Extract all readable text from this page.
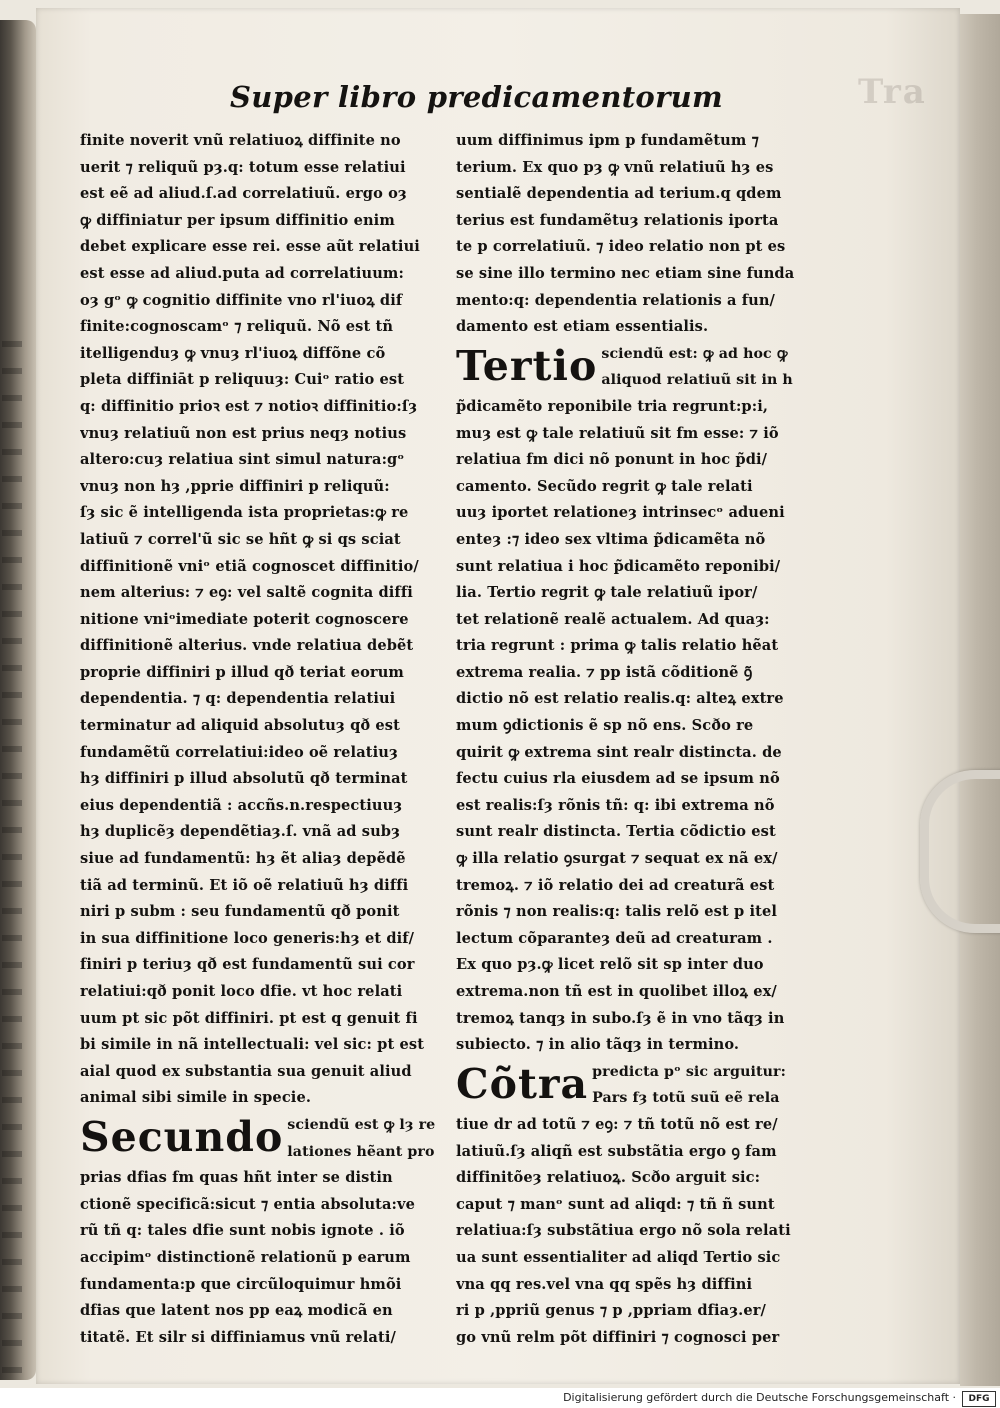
Tra
Super libro predicamentorum
finite noverit vnũ relatiuoꝝ diffinite no
uerit ⁊ reliquũ pȝ.q: totum esse relatiui
est eẽ ad aliud.ſ.ad correlatiuũ. ergo oȝ
ꝙ diffiniatur per ipsum diffinitio enim
debet explicare esse rei. esse aũt relatiui
est esse ad aliud.puta ad correlatiuum:
oȝ gᵒ ꝙ cognitio diffinite vno rl'iuoꝝ dif
finite:cognoscamᵒ ⁊ reliquũ. Nõ est tñ
itelligenduȝ ꝙ vnuȝ rl'iuoꝝ diffõne cõ
pleta diffiniāt p reliquuȝ: Cuiᵒ ratio est
q: diffinitio prioꝛ est ⁊ notioꝛ diffinitio:ſȝ
vnuȝ relatiuũ non est prius neqȝ notius
altero:cuȝ relatiua sint simul natura:gᵒ
vnuȝ non hȝ ,pprie diffiniri p reliquũ:
ſȝ sic ẽ intelligenda ista proprietas:ꝙ re
latiuũ ⁊ correl'ũ sic se hñt ꝙ si qs sciat
diffinitionẽ vniᵒ etiã cognoscet diffinitio/
nem alterius: ⁊ eꝯ: vel saltẽ cognita diffi
nitione vniᵒimediate poterit cognoscere
diffinitionẽ alterius. vnde relatiua debẽt
proprie diffiniri p illud qð teriat eorum
dependentia. ⁊ q: dependentia relatiui
terminatur ad aliquid absolutuȝ qð est
fundamẽtũ correlatiui:ideo oẽ relatiuȝ
hȝ diffiniri p illud absolutũ qð terminat
eius dependentiã : accñs.n.respectiuuȝ
hȝ duplicẽȝ dependẽtiaȝ.ſ. vnã ad subȝ
siue ad fundamentũ: hȝ ẽt aliaȝ depẽdẽ
tiã ad terminũ. Et iõ oẽ relatiuũ hȝ diffi
niri p subm : seu fundamentũ qð ponit
in sua diffinitione loco generis:hȝ et dif/
finiri p teriuȝ qð est fundamentũ sui cor
relatiui:qð ponit loco dfie. vt hoc relati
uum pt sic põt diffiniri. pt est q genuit fi
bi simile in nã intellectuali: vel sic: pt est
aial quod ex substantia sua genuit aliud
animal sibi simile in specie.
Secundo sciendũ est ꝙ lȝ re
lationes hẽant pro
prias dfias fm quas hñt inter se distin
ctionẽ specificã:sicut ⁊ entia absoluta:ve
rũ tñ q: tales dfie sunt nobis ignote . iõ
accipimᵒ distinctionẽ relationũ p earum
fundamenta:p que circũloquimur hmõi
dfias que latent nos pp eaꝝ modicã en
titatẽ. Et silr si diffiniamus vnũ relati/
uum diffinimus ipm p fundamẽtum ⁊
terium. Ex quo pȝ ꝙ vnũ relatiuũ hȝ es
sentialẽ dependentia ad terium.q qdem
terius est fundamẽtuȝ relationis iporta
te p correlatiuũ. ⁊ ideo relatio non pt es
se sine illo termino nec etiam sine funda
mento:q: dependentia relationis a fun/
damento est etiam essentialis.
Tertio sciendũ est: ꝙ ad hoc ꝙ
aliquod relatiuũ sit in h
p̃dicamẽto reponibile tria regrunt:p:i,
muȝ est ꝙ tale relatiuũ sit fm esse: ⁊ iõ
relatiua fm dici nõ ponunt in hoc p̃di/
camento. Secũdo regrit ꝙ tale relati
uuȝ iportet relationeȝ intrinsecᵒ adueni
enteȝ :⁊ ideo sex vltima p̃dicamẽta nõ
sunt relatiua i hoc p̃dicamẽto reponibi/
lia. Tertio regrit ꝙ tale relatiuũ ipor/
tet relationẽ realẽ actualem. Ad quaȝ:
tria regrunt : prima ꝙ talis relatio hẽat
extrema realia. ⁊ pp istã cõditionẽ ꝯ̃
dictio nõ est relatio realis.q: alteꝝ extre
mum ꝯdictionis ẽ sp nõ ens. Scðo re
quirit ꝙ extrema sint realr distincta. de
fectu cuius rla eiusdem ad se ipsum nõ
est realis:ſȝ rõnis tñ: q: ibi extrema nõ
sunt realr distincta. Tertia cõdictio est
ꝙ illa relatio ꝯsurgat ⁊ sequat ex nã ex/
tremoꝝ. ⁊ iõ relatio dei ad creaturã est
rõnis ⁊ non realis:q: talis relõ est p itel
lectum cõparanteȝ deũ ad creaturam .
Ex quo pȝ.ꝙ licet relõ sit sp inter duo
extrema.non tñ est in quolibet illoꝝ ex/
tremoꝝ tanqȝ in subo.ſȝ ẽ in vno tãqȝ in
subiecto. ⁊ in alio tãqȝ in termino.
Cõtra predicta pᵒ sic arguitur:
Pars fȝ totũ suũ eẽ rela
tiue dr ad totũ ⁊ eꝯ: ⁊ tñ totũ nõ est re/
latiuũ.ſȝ aliqñ est substãtia ergo ꝯ fam
diffinitõeȝ relatiuoꝝ. Scðo arguit sic:
caput ⁊ manᵒ sunt ad aliqd: ⁊ tñ ñ sunt
relatiua:ſȝ substãtiua ergo nõ sola relati
ua sunt essentialiter ad aliqd Tertio sic
vna qq res.vel vna qq spẽs hȝ diffini
ri p ,ppriũ genus ⁊ p ,ppriam dfiaȝ.er/
go vnũ relm põt diffiniri ⁊ cognosci per
Digitalisierung gefördert durch die Deutsche Forschungsgemeinschaft ·	DFG
